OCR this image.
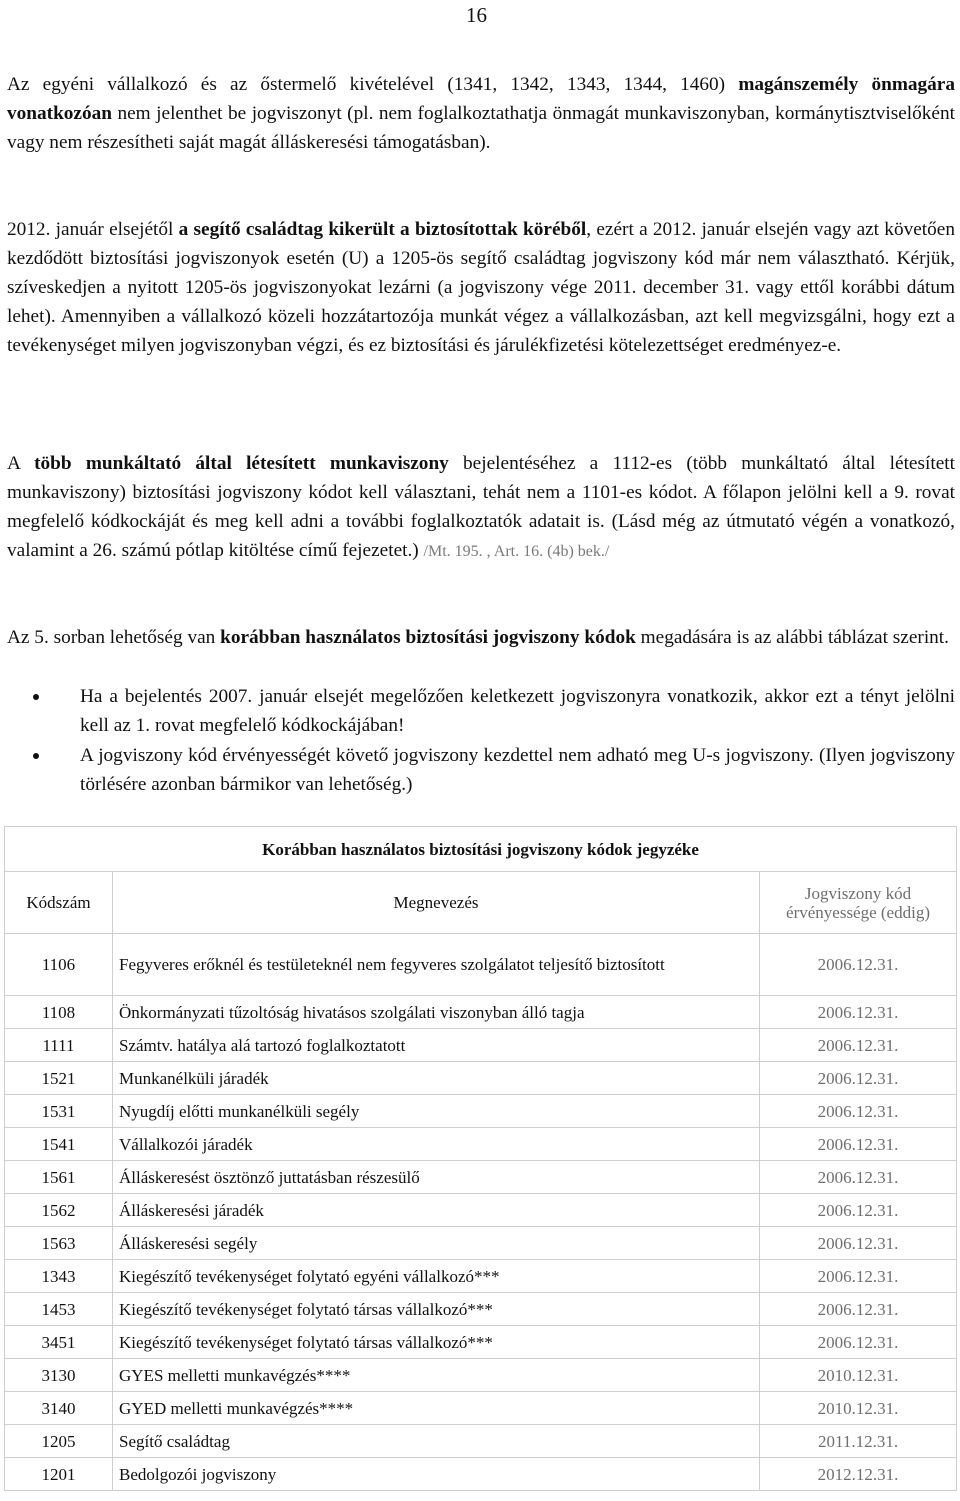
16

Az egyéni vállalkozó és az őstermelő kivételével (1341, 1342, 1343, 1344, 1460) magánszemély önmagára vonatkozóan nem jelenthet be jogviszonyt (pl. nem foglalkoztathatja önmagát munkaviszonyban, kormánytisztviselőként vagy nem részesítheti saját magát álláskeresési támogatásban).

2012. január elsejétől a segítő családtag kikerült a biztosítottak köréből, ezért a 2012. január elsején vagy azt követően kezdődött biztosítási jogviszonyok esetén (U) a 1205-ös segítő családtag jogviszony kód már nem választható. Kérjük, szíveskedjen a nyitott 1205-ös jogviszonyokat lezárni (a jogviszony vége 2011. december 31. vagy ettől korábbi dátum lehet). Amennyiben a vállalkozó közeli hozzátartozója munkát végez a vállalkozásban, azt kell megvizsgálni, hogy ezt a tevékenységet milyen jogviszonyban végzi, és ez biztosítási és járulékfizetési kötelezettséget eredményez-e.

A több munkáltató által létesített munkaviszony bejelentéséhez a 1112-es (több munkáltató által létesített munkaviszony) biztosítási jogviszony kódot kell választani, tehát nem a 1101-es kódot. A főlapon jelölni kell a 9. rovat megfelelő kódkockáját és meg kell adni a további foglalkoztatók adatait is. (Lásd még az útmutató végén a vonatkozó, valamint a 26. számú pótlap kitöltése című fejezetet.) /Mt. 195. , Art. 16. (4b) bek./

Az 5. sorban lehetőség van korábban használatos biztosítási jogviszony kódok megadására is az alábbi táblázat szerint.

Ha a bejelentés 2007. január elsejét megelőzően keletkezett jogviszonyra vonatkozik, akkor ezt a tényt jelölni kell az 1. rovat megfelelő kódkockájában!
A jogviszony kód érvényességét követő jogviszony kezdettel nem adható meg U-s jogviszony. (Ilyen jogviszony törlésére azonban bármikor van lehetőség.)
Korábban használatos biztosítási jogviszony kódok jegyzéke		
Kódszám	Megnevezés	Jogviszony kód érvényessége (eddig)
1106	Fegyveres erőknél és testületeknél nem fegyveres szolgálatot teljesítő biztosított	2006.12.31.
1108	Önkormányzati tűzoltóság hivatásos szolgálati viszonyban álló tagja	2006.12.31.
1111	Számtv. hatálya alá tartozó foglalkoztatott	2006.12.31.
1521	Munkanélküli járadék	2006.12.31.
1531	Nyugdíj előtti munkanélküli segély	2006.12.31.
1541	Vállalkozói járadék	2006.12.31.
1561	Álláskeresést ösztönző juttatásban részesülő	2006.12.31.
1562	Álláskeresési járadék	2006.12.31.
1563	Álláskeresési segély	2006.12.31.
1343	Kiegészítő tevékenységet folytató egyéni vállalkozó***	2006.12.31.
1453	Kiegészítő tevékenységet folytató társas vállalkozó***	2006.12.31.
3451	Kiegészítő tevékenységet folytató társas vállalkozó***	2006.12.31.
3130	GYES melletti munkavégzés****	2010.12.31.
3140	GYED melletti munkavégzés****	2010.12.31.
1205	Segítő családtag	2011.12.31.
1201	Bedolgozói jogviszony	2012.12.31.
